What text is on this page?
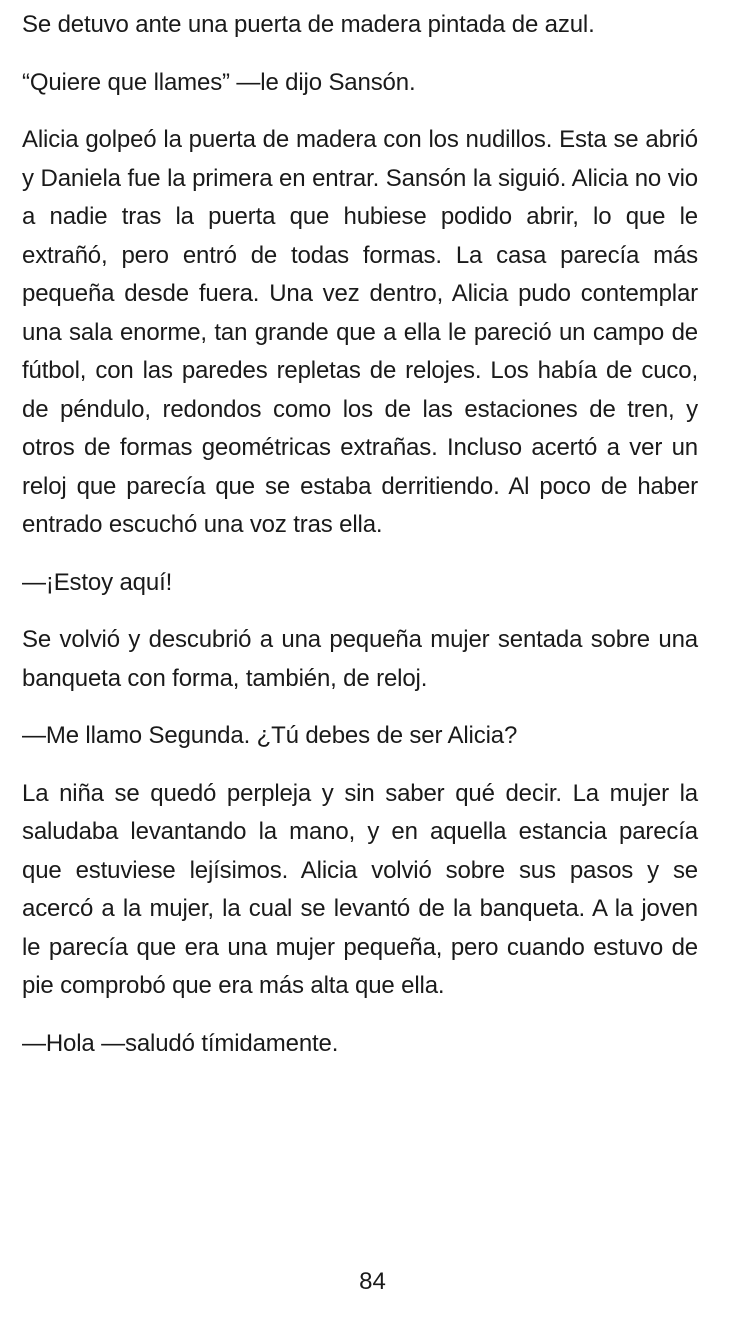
Se detuvo ante una puerta de madera pintada de azul.

“Quiere que llames” —le dijo Sansón.

Alicia golpeó la puerta de madera con los nudillos. Esta se abrió y Daniela fue la primera en entrar. Sansón la siguió. Alicia no vio a nadie tras la puerta que hubiese podido abrir, lo que le extrañó, pero entró de todas formas. La casa parecía más pequeña desde fuera. Una vez dentro, Alicia pudo contemplar una sala enorme, tan grande que a ella le pareció un campo de fútbol, con las paredes repletas de relojes. Los había de cuco, de péndulo, redondos como los de las estaciones de tren, y otros de formas geométricas extrañas. Incluso acertó a ver un reloj que parecía que se estaba derritiendo. Al poco de haber entrado escuchó una voz tras ella.

—¡Estoy aquí!

Se volvió y descubrió a una pequeña mujer sentada sobre una banqueta con forma, también, de reloj.

—Me llamo Segunda. ¿Tú debes de ser Alicia?

La niña se quedó perpleja y sin saber qué decir. La mujer la saludaba levantando la mano, y en aquella estancia parecía que estuviese lejísimos. Alicia volvió sobre sus pasos y se acercó a la mujer, la cual se levantó de la banqueta. A la joven le parecía que era una mujer pequeña, pero cuando estuvo de pie comprobó que era más alta que ella.

—Hola —saludó tímidamente.

84
